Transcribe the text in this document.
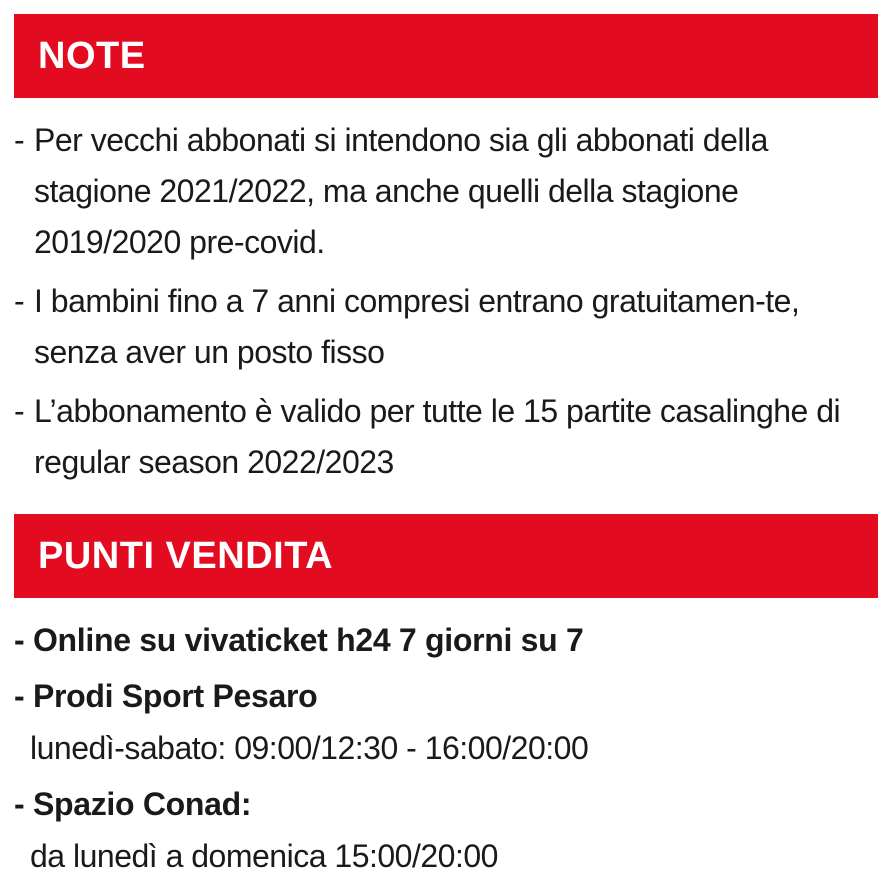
NOTE
- Per vecchi abbonati si intendono sia gli abbonati della stagione 2021/2022, ma anche quelli della stagione 2019/2020 pre-covid.
- I bambini fino a 7 anni compresi entrano gratuitamen-te, senza aver un posto fisso
- L’abbonamento è valido per tutte le 15 partite casalinghe di regular season 2022/2023
PUNTI VENDITA
- Online su vivaticket h24 7 giorni su 7
- Prodi Sport Pesaro
lunedì-sabato: 09:00/12:30 - 16:00/20:00
- Spazio Conad:
da lunedì a domenica 15:00/20:00
